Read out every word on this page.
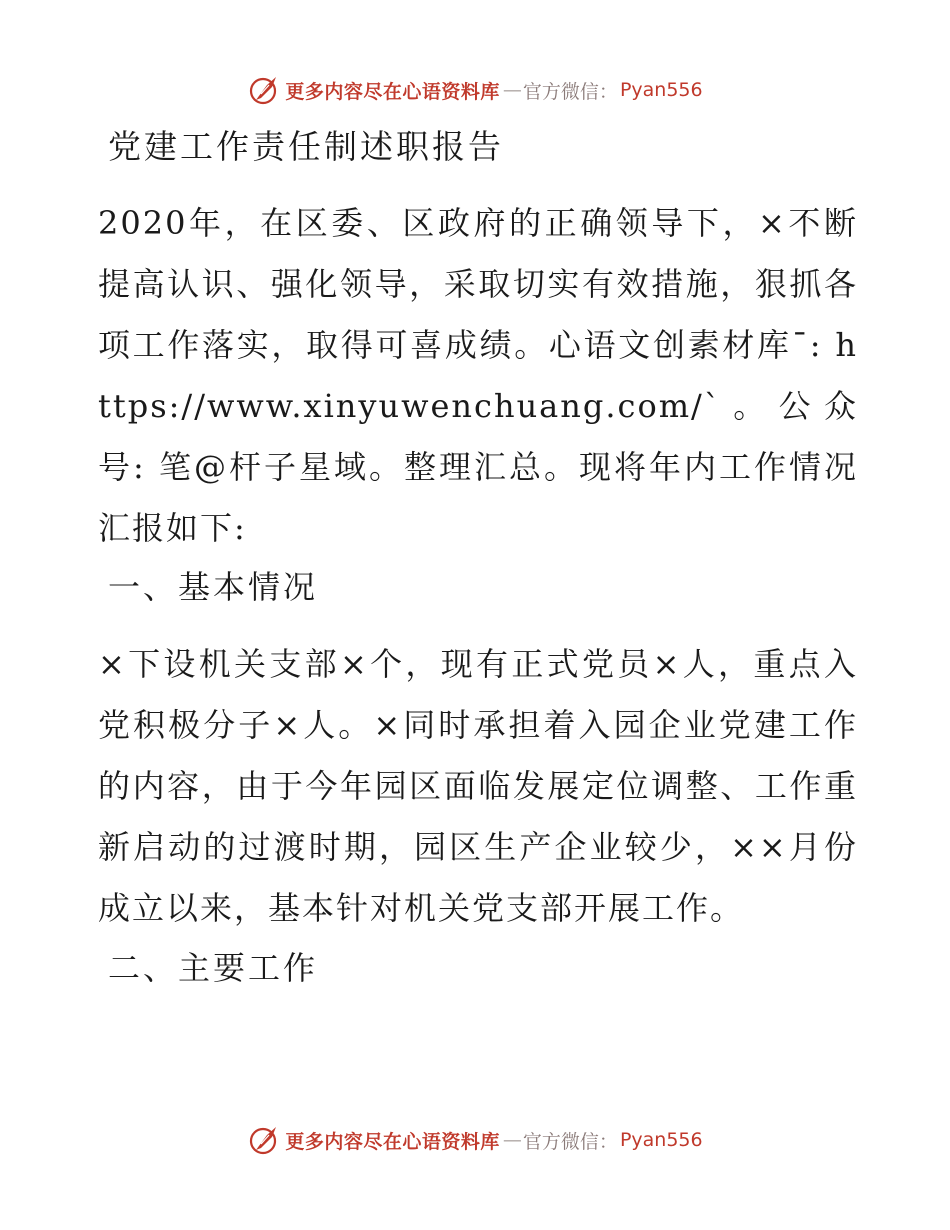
更多内容尽在心语资料库 — 官方微信 ： Pyan556
党建工作责任制述职报告

2020年，在区委、区政府的正确领导下，×不断提高认识、强化领导，采取切实有效措施，狠抓各项工作落实，取得可喜成绩。心语文创素材库¯: https://www.xinyuwenchuang.com/`。公众号: 笔@杆子星域。整理汇总。现将年内工作情况汇报如下:

一、基本情况

×下设机关支部×个，现有正式党员×人，重点入党积极分子×人。×同时承担着入园企业党建工作的内容，由于今年园区面临发展定位调整、工作重新启动的过渡时期，园区生产企业较少，××月份成立以来，基本针对机关党支部开展工作。

二、主要工作
更多内容尽在心语资料库 — 官方微信 ： Pyan556
